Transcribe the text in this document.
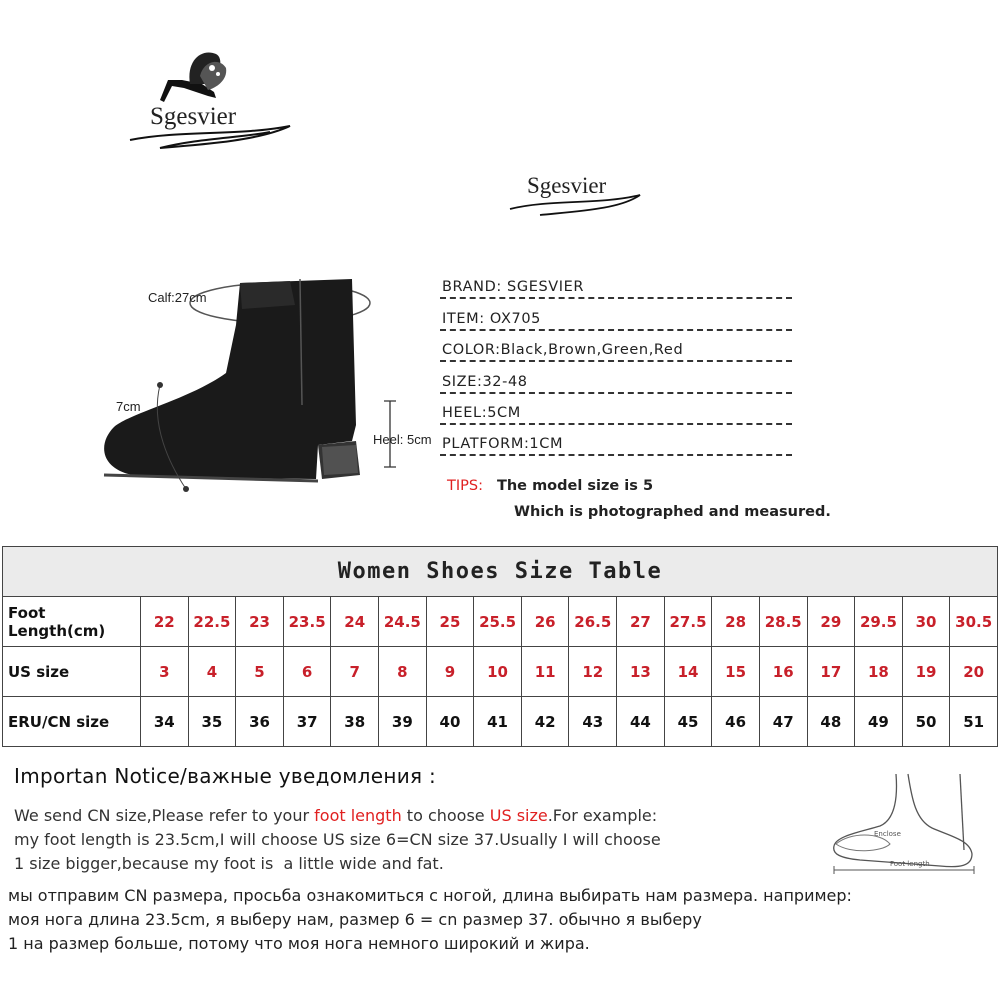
Sgesvier
Sgesvier
Calf:27cm
7cm
Heel: 5cm
BRAND: SGESVIER
ITEM: OX705
COLOR:Black,Brown,Green,Red
SIZE:32-48
HEEL:5CM
PLATFORM:1CM
TIPS: The model size is 5
Which is photographed and measured.
Women Shoes Size Table																		
Foot Length(cm)	22	22.5	23	23.5	24	24.5	25	25.5	26	26.5	27	27.5	28	28.5	29	29.5	30	30.5
US size	3	4	5	6	7	8	9	10	11	12	13	14	15	16	17	18	19	20
ERU/CN size	34	35	36	37	38	39	40	41	42	43	44	45	46	47	48	49	50	51
Importan Notice/важные уведомления :
We send CN size,Please refer to your foot length to choose US size.For example:
my foot length is 23.5cm,I will choose US size 6=CN size 37.Usually I will choose
1 size bigger,because my foot is  a little wide and fat.
мы отправим CN размера, просьба ознакомиться с ногой, длина выбирать нам размера. например:
моя нога длина 23.5cm, я выберу нам, размер 6 = cn размер 37. обычно я выберу
1 на размер больше, потому что моя нога немного широкий и жира.
Enclose
Foot length
